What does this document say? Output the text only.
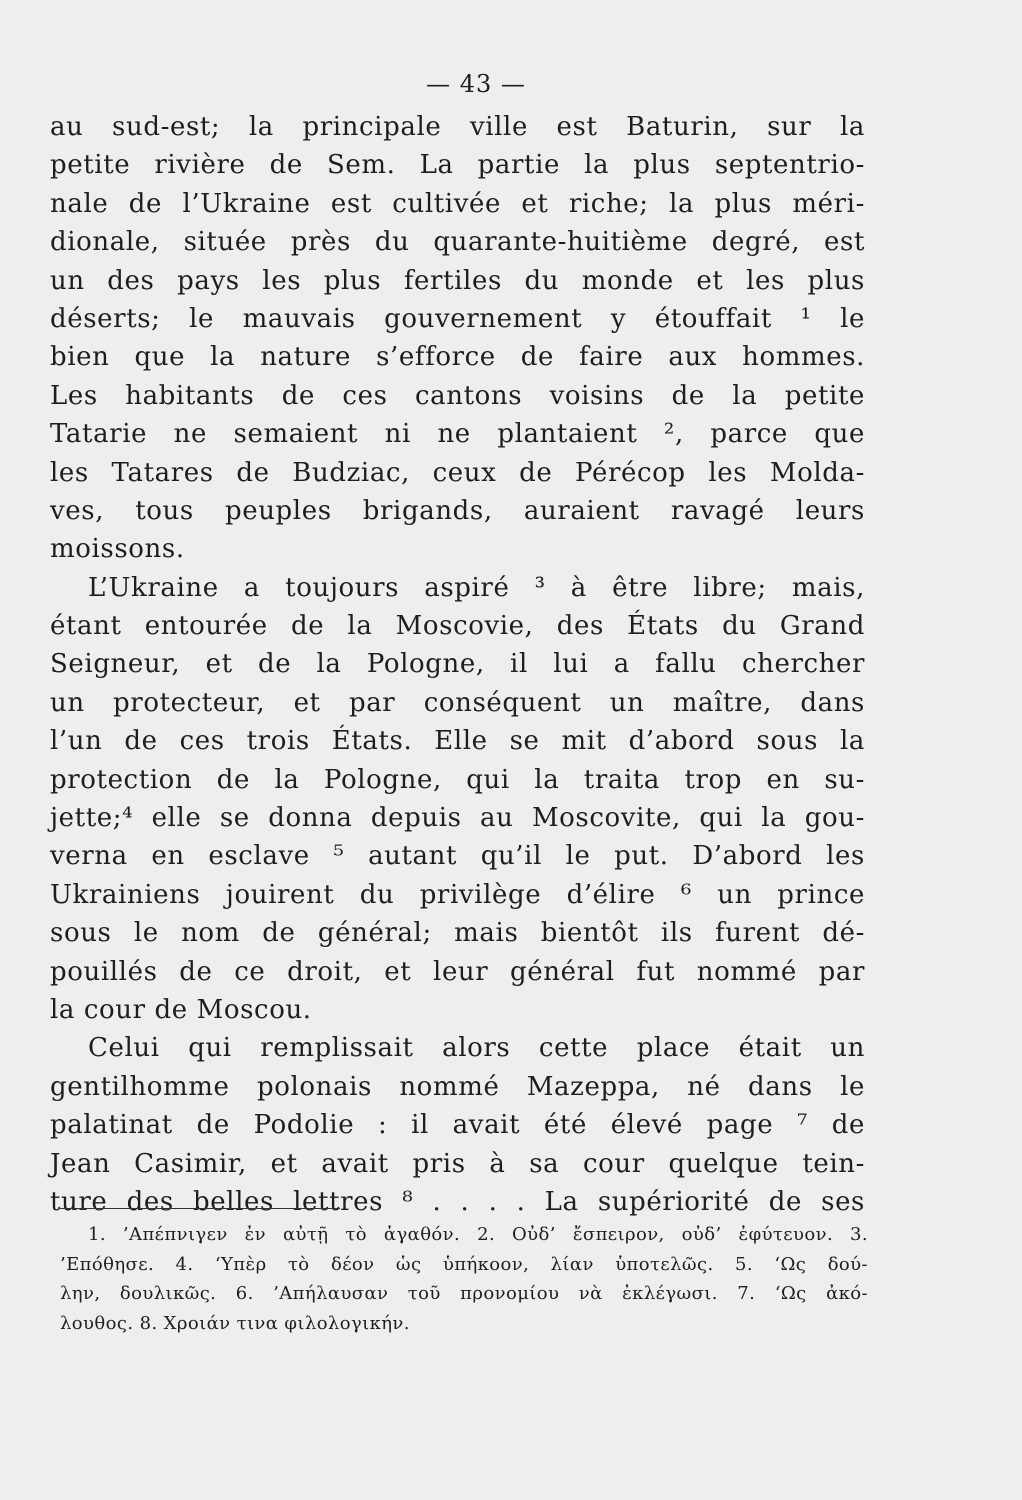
— 43 —
au sud-est; la principale ville est Baturin, sur la
petite rivière de Sem. La partie la plus septentrio-
nale de l’Ukraine est cultivée et riche; la plus méri-
dionale, située près du quarante-huitième degré, est
un des pays les plus fertiles du monde et les plus
déserts; le mauvais gouvernement y étouffait ¹ le
bien que la nature s’efforce de faire aux hommes.
Les habitants de ces cantons voisins de la petite
Tatarie ne semaient ni ne plantaient ², parce que
les Tatares de Budziac, ceux de Pérécop les Molda-
ves, tous peuples brigands, auraient ravagé leurs
moissons.
L’Ukraine a toujours aspiré ³ à être libre; mais,
étant entourée de la Moscovie, des États du Grand
Seigneur, et de la Pologne, il lui a fallu chercher
un protecteur, et par conséquent un maître, dans
l’un de ces trois États. Elle se mit d’abord sous la
protection de la Pologne, qui la traita trop en su-
jette;⁴ elle se donna depuis au Moscovite, qui la gou-
verna en esclave ⁵ autant qu’il le put. D’abord les
Ukrainiens jouirent du privilège d’élire ⁶ un prince
sous le nom de général; mais bientôt ils furent dé-
pouillés de ce droit, et leur général fut nommé par
la cour de Moscou.
Celui qui remplissait alors cette place était un
gentilhomme polonais nommé Mazeppa, né dans le
palatinat de Podolie : il avait été élevé page ⁷ de
Jean Casimir, et avait pris à sa cour quelque tein-
ture des belles lettres ⁸ . . . . La supériorité de ses
1. ’Απέπνιγεν ἐν αὐτῇ τὸ ἀγαθόν. 2. Οὐδ’ ἔσπειρον, οὐδ’ ἐφύτευον. 3.
’Επόθησε. 4. ‘Υπὲρ τὸ δέον ὡς ὑπήκοον, λίαν ὑποτελῶς. 5. ‘Ως δού-
λην, δουλικῶς. 6. ’Απήλαυσαν τοῦ προνομίου νὰ ἐκλέγωσι. 7. ‘Ως ἀκό-
λουθος. 8. Χροιάν τινα φιλολογικήν.
